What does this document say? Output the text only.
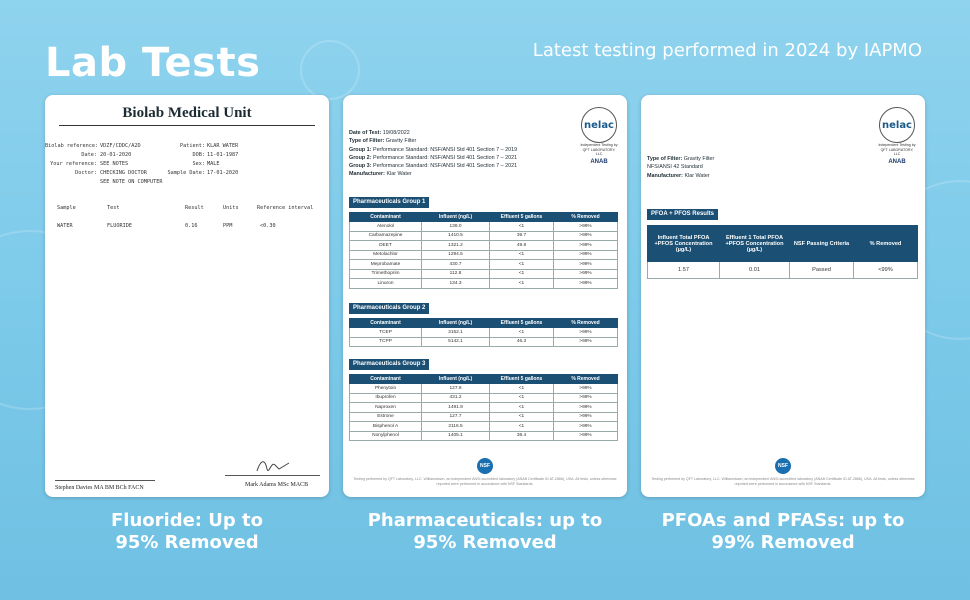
Lab Tests	Latest testing performed in 2024 by IAPMO
Biolab Medical Unit
Biolab reference: VDZF/CDDC/A2D
Date: 20-01-2020
Your reference: SEE NOTES
Doctor: CHECKING DOCTOR
SEE NOTE ON COMPUTER
Patient: KLAR WATER
DOB: 11-01-1987
Sex: MALE
Sample Date: 17-01-2020
Sample	Test	Result	Units	Reference interval
WATER	FLUORIDE	0.16	PPM	<0.30
Stephen Davies MA BM BCh FACN	Mark Adams MSc MACB
nelac
Independent Testing by QFT LABORATORY, LLC
ANAB
Date of Test: 19/08/2022
Type of Filter: Gravity Filter
Group 1: Performance Standard: NSF/ANSI Std 401 Section 7 – 2019
Group 2: Performance Standard: NSF/ANSI Std 401 Section 7 – 2021
Group 3: Performance Standard: NSF/ANSI Std 401 Section 7 – 2021
Manufacturer: Klar Water
Pharmaceuticals Group 1
Contaminant	Influent (ng/L)	Effluent 5 gallons	% Removed
Atenolol	138.0	<1	>99%
Carbamazepine	1410.5	39.7	>99%
DEET	1321.2	49.8	>99%
Metolachlor	1294.5	<1	>99%
Meprobamate	430.7	<1	>99%
Trimethoprim	112.8	<1	>99%
Linuron	134.3	<1	>99%
Pharmaceuticals Group 2
Contaminant	Influent (ng/L)	Effluent 5 gallons	% Removed
TCEP	3152.1	<1	>99%
TCPP	5142.1	46.3	>99%
Pharmaceuticals Group 3
Contaminant	Influent (ng/L)	Effluent 5 gallons	% Removed
Phenytoin	127.6	<1	>99%
Ibuprofen	431.2	<1	>99%
Naproxen	1491.9	<1	>99%
Estrone	127.7	<1	>99%
Bisphenol A	2116.5	<1	>99%
Nonylphenol	1405.1	38.4	>99%
NSF
Testing performed by QFT Laboratory, LLC, Williamstown, an independent ANSI accredited laboratory (ANAB Certificate ID AT-2866), USA. All tests, unless otherwise reported were performed in accordance with NSF Standards.
nelac
Independent Testing by QFT LABORATORY, LLC
ANAB
Type of Filter: Gravity Filter
NFS/ANSI 42 Standard
Manufacturer: Klar Water
PFOA + PFOS Results
Influent Total PFOA +PFOS Concentration (µg/L)	Effluent 1 Total PFOA +PFOS Concentration (µg/L)	NSF Passing Criteria	% Removed
1.57	0.01	Passed	<99%
NSF
Testing performed by QFT Laboratory, LLC, Williamstown, an independent ANSI accredited laboratory (ANAB Certificate ID AT-2866), USA. All tests, unless otherwise reported were performed in accordance with NSF Standards.
Fluoride: Up to
95% Removed
Pharmaceuticals: up to
95% Removed
PFOAs and PFASs: up to
99% Removed
